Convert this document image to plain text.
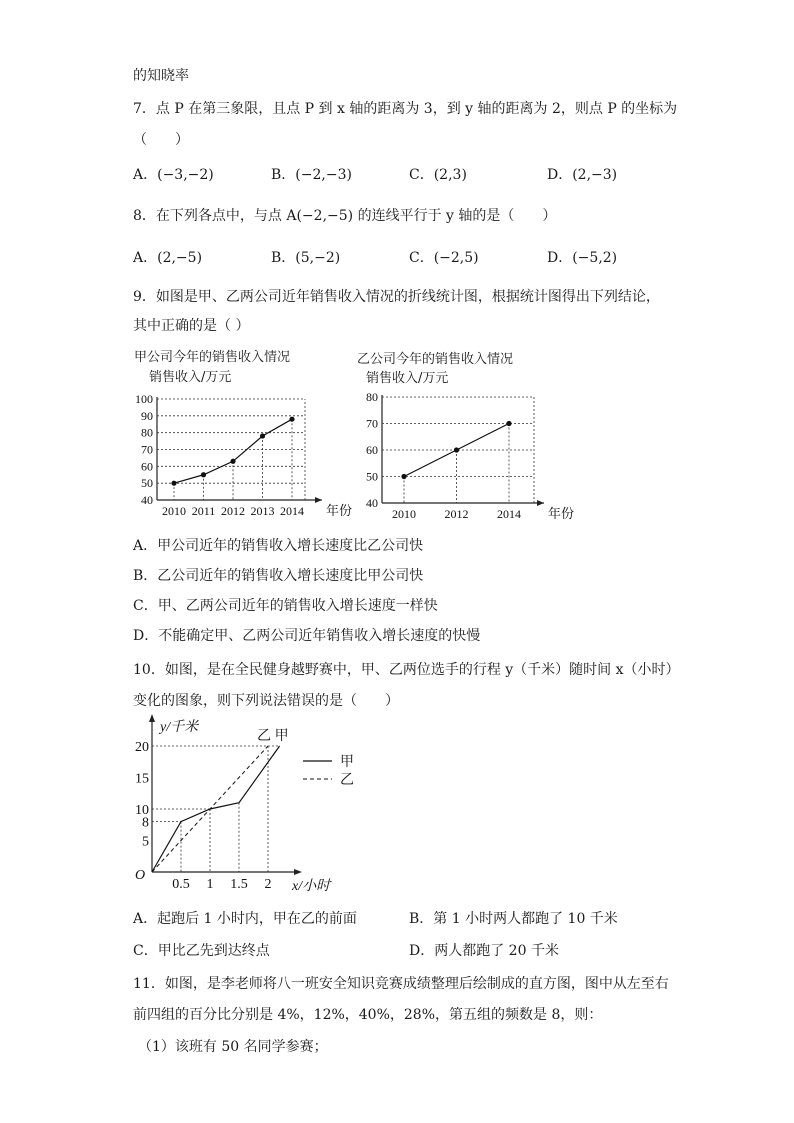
的知晓率
7．点 P 在第三象限，且点 P 到 x 轴的距离为 3，到 y 轴的距离为 2，则点 P 的坐标为
（　　）
A．(−3,−2)	B．(−2,−3)	C．(2,3)	D．(2,−3)
8．在下列各点中，与点 A(−2,−5) 的连线平行于 y 轴的是（　　）
A．(2,−5)	B．(5,−2)	C．(−2,5)	D．(−5,2)
9．如图是甲、乙两公司近年销售收入情况的折线统计图，根据统计图得出下列结论，
其中正确的是（ ）
甲公司今年的销售收入情况
销售收入/万元
40
50
60
70
80
90
100
2010 2011 2012 2013 2014 年份
乙公司今年的销售收入情况
销售收入/万元
40
50
60
70
80
2010 2012 2014 年份
A．甲公司近年的销售收入增长速度比乙公司快
B．乙公司近年的销售收入增长速度比甲公司快
C．甲、乙两公司近年的销售收入增长速度一样快
D．不能确定甲、乙两公司近年销售收入增长速度的快慢
10．如图，是在全民健身越野赛中，甲、乙两位选手的行程 y（千米）随时间 x（小时）
变化的图象，则下列说法错误的是（　　）
y/千米
x/小时
O
5
8
10
15
20
0.5 1 1.5 2
乙 甲
甲
乙
A．起跑后 1 小时内，甲在乙的前面	B．第 1 小时两人都跑了 10 千米
C．甲比乙先到达终点	D．两人都跑了 20 千米
11．如图，是李老师将八一班安全知识竞赛成绩整理后绘制成的直方图，图中从左至右
前四组的百分比分别是 4%，12%，40%，28%，第五组的频数是 8，则：
（1）该班有 50 名同学参赛；
